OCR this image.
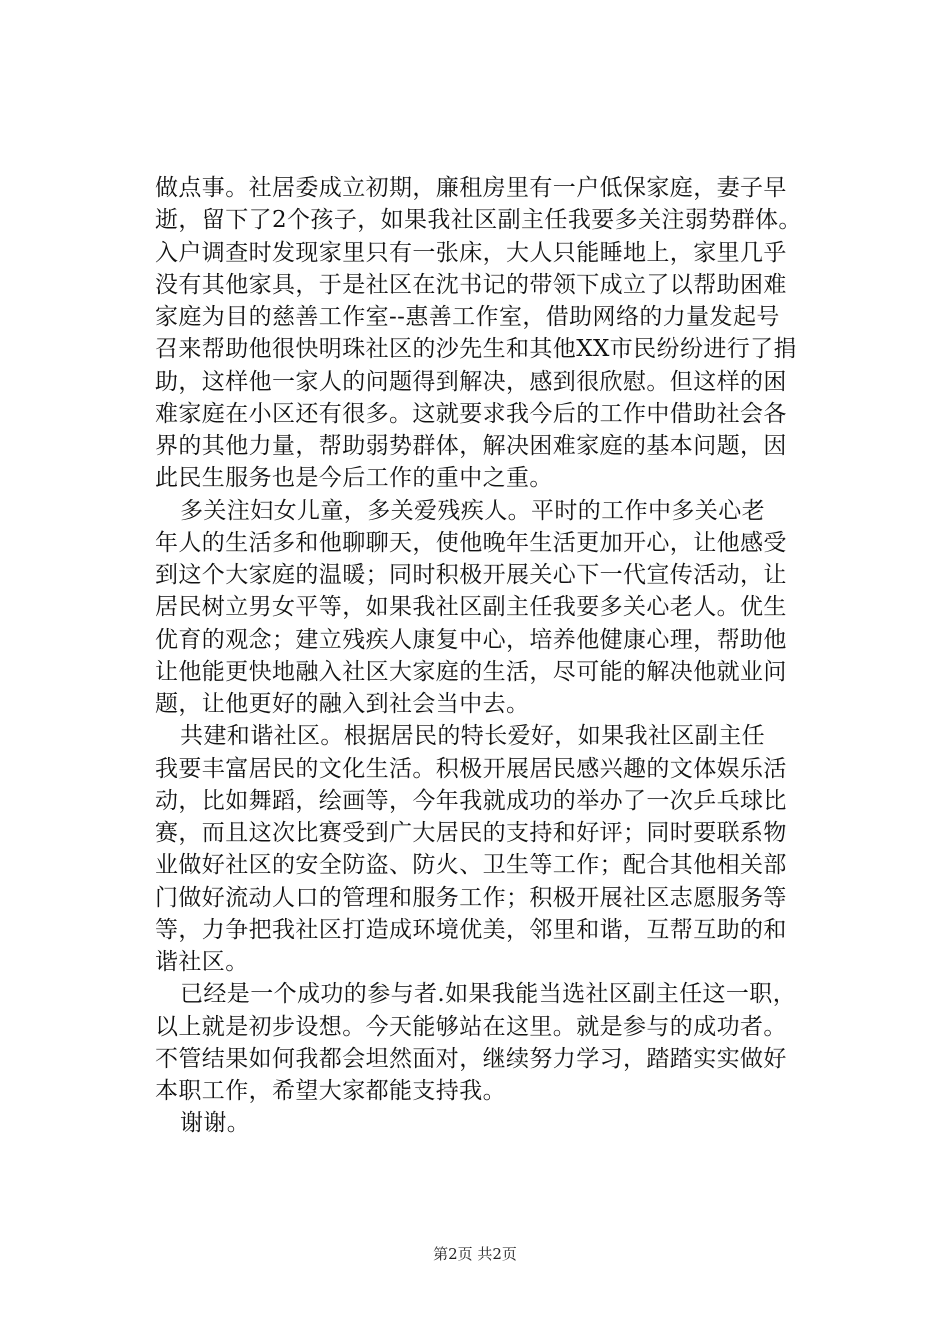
做点事。社居委成立初期，廉租房里有一户低保家庭，妻子早
逝，留下了2个孩子，如果我社区副主任我要多关注弱势群体。
入户调查时发现家里只有一张床，大人只能睡地上，家里几乎
没有其他家具，于是社区在沈书记的带领下成立了以帮助困难
家庭为目的慈善工作室--惠善工作室，借助网络的力量发起号
召来帮助他很快明珠社区的沙先生和其他XX市民纷纷进行了捐
助，这样他一家人的问题得到解决，感到很欣慰。但这样的困
难家庭在小区还有很多。这就要求我今后的工作中借助社会各
界的其他力量，帮助弱势群体，解决困难家庭的基本问题，因
此民生服务也是今后工作的重中之重。
多关注妇女儿童，多关爱残疾人。平时的工作中多关心老
年人的生活多和他聊聊天，使他晚年生活更加开心，让他感受
到这个大家庭的温暖；同时积极开展关心下一代宣传活动，让
居民树立男女平等，如果我社区副主任我要多关心老人。优生
优育的观念；建立残疾人康复中心，培养他健康心理，帮助他
让他能更快地融入社区大家庭的生活，尽可能的解决他就业问
题，让他更好的融入到社会当中去。
共建和谐社区。根据居民的特长爱好，如果我社区副主任
我要丰富居民的文化生活。积极开展居民感兴趣的文体娱乐活
动，比如舞蹈，绘画等，今年我就成功的举办了一次乒乓球比
赛，而且这次比赛受到广大居民的支持和好评；同时要联系物
业做好社区的安全防盗、防火、卫生等工作；配合其他相关部
门做好流动人口的管理和服务工作；积极开展社区志愿服务等
等，力争把我社区打造成环境优美，邻里和谐，互帮互助的和
谐社区。
已经是一个成功的参与者.如果我能当选社区副主任这一职，
以上就是初步设想。今天能够站在这里。就是参与的成功者。
不管结果如何我都会坦然面对，继续努力学习，踏踏实实做好
本职工作，希望大家都能支持我。
谢谢。
第2页 共2页
